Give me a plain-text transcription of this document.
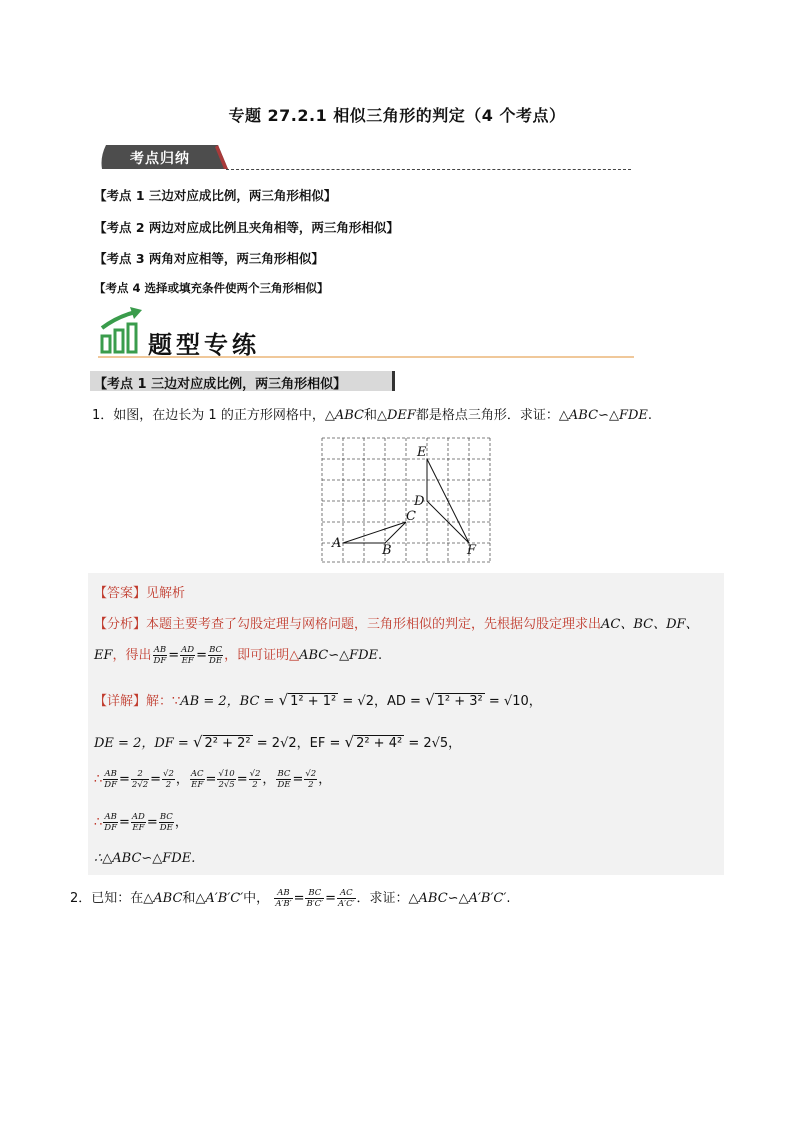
专题 27.2.1 相似三角形的判定（4 个考点）
考点归纳
【考点 1 三边对应成比例，两三角形相似】
【考点 2 两边对应成比例且夹角相等，两三角形相似】
【考点 3 两角对应相等，两三角形相似】
【考点 4 选择或填充条件使两个三角形相似】
题型专练
【考点 1 三边对应成比例，两三角形相似】
1．如图，在边长为 1 的正方形网格中，△ABC和△DEF都是格点三角形．求证：△ABC∽△FDE.
A	B
C
D
E
F
【答案】见解析
【分析】本题主要考查了勾股定理与网格问题，三角形相似的判定，先根据勾股定理求出AC、BC、DF、
EF，得出 $\frac{AB}{DF} = \frac{AD}{EF} = \frac{BC}{DE}$ ，即可证明△ABC∽△FDE.
【详解】解：∵AB = 2，BC = √ 1² + 1² = √2，AD = √ 1² + 3² = √10，
DE = 2，DF = √ 2² + 2² = 2√2，EF = √ 2² + 4² = 2√5，
∴ $\frac{AB}{DF} = \frac{2}{2√2} = \frac{√2}{2}$ ， $\frac{AC}{EF} = \frac{√10}{2√5} = \frac{√2}{2}$ ， $\frac{BC}{DE} = \frac{√2}{2}$ ，
∴ $\frac{AB}{DF} = \frac{AD}{EF} = \frac{BC}{DE}$ ，
∴△ABC∽△FDE.
2．已知：在△ABC和△A′B′C′中， $\frac{AB}{A'B'} = \frac{BC}{B'C'} = \frac{AC}{A'C'}$ ．求证：△ABC∽△A′B′C′.
